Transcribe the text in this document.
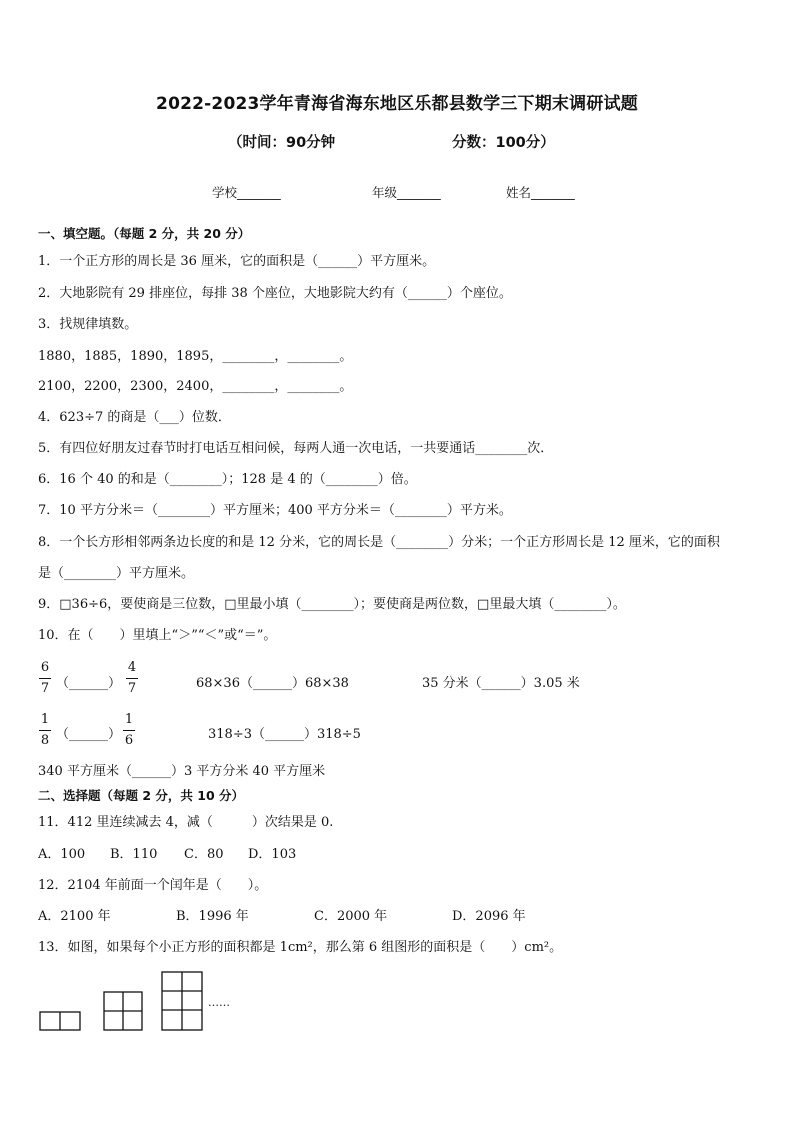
2022-2023学年青海省海东地区乐都县数学三下期末调研试题
（时间：90分钟	分数：100分）
学校_______	年级_______	姓名_______
一、填空题。（每题 2 分，共 20 分）
1．一个正方形的周长是 36 厘米，它的面积是（______）平方厘米。
2．大地影院有 29 排座位，每排 38 个座位，大地影院大约有（______）个座位。
3．找规律填数。
1880，1885，1890，1895，________，________。
2100，2200，2300，2400，________，________。
4．623÷7 的商是（___）位数．
5．有四位好朋友过春节时打电话互相问候，每两人通一次电话，一共要通话________次．
6．16 个 40 的和是（________）；128 是 4 的（________）倍。
7．10 平方分米＝（________）平方厘米；400 平方分米＝（________）平方米。
8．一个长方形相邻两条边长度的和是 12 分米，它的周长是（________）分米；一个正方形周长是 12 厘米，它的面积
是（________）平方厘米。
9．□36÷6，要使商是三位数，□里最小填（________）；要使商是两位数，□里最大填（________）。
10．在（　　）里填上“＞”“＜”或“＝”。
6
7 （______）
4
7	68×36（______）68×38	35 分米（______）3.05 米
1
8 （______）
1
6	318÷3（______）318÷5
340 平方厘米（______）3 平方分米 40 平方厘米
二、选择题（每题 2 分，共 10 分）
11．412 里连续减去 4，减（　　　）次结果是 0.
A．100 B．110 C．80 D．103
12．2104 年前面一个闰年是（　　）。
A．2100 年	B．1996 年	C．2000 年	D．2096 年
13．如图，如果每个小正方形的面积都是 1cm²，那么第 6 组图形的面积是（　　）cm²。
……
